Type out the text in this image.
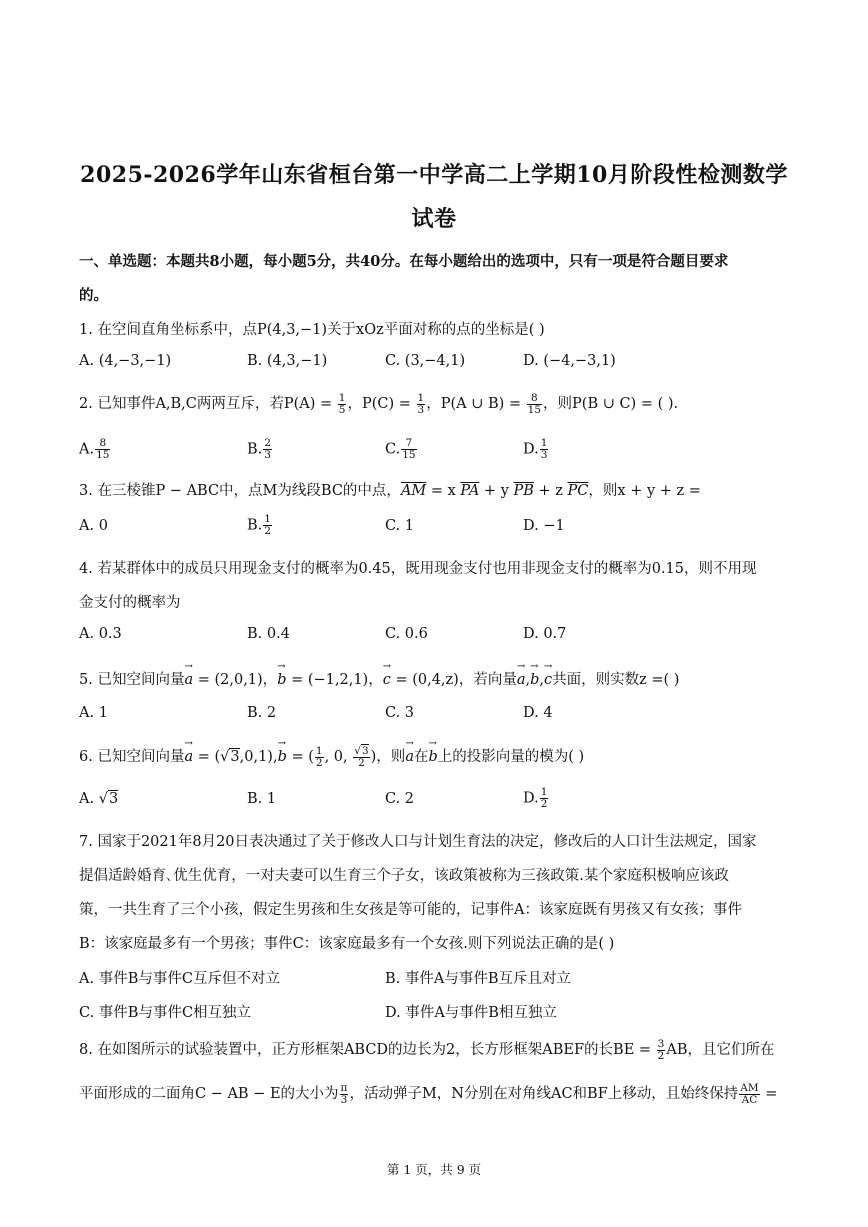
2025-2026学年山东省桓台第一中学高二上学期10月阶段性检测数学
试卷
一、单选题：本题共8小题，每小题5分，共40分。在每小题给出的选项中，只有一项是符合题目要求
的。
1. 在空间直角坐标系中，点P(4,3,−1)关于xOz平面对称的点的坐标是( )
A. (4,−3,−1)	B. (4,3,−1)	C. (3,−4,1)	D. (−4,−3,1)
2. 已知事件A,B,C两两互斥，若$P(A) = \frac{1}{5}$ ，$P(C) = \frac{1}{3}$ ，P(A ∪ $B) = \frac{8}{15}$ ，则P(B ∪ C) = ( ).
A. $\frac{8}{15}$	B. $\frac{2}{3}$	C. $\frac{7}{15}$	D. $\frac{1}{3}$
3. 在三棱锥P − ABC中，点M为线段BC的中点，$\overline{AM} = x$ $\overline{PA} + y$ $\overline{PB} + z$ $\overline{PC}$，则x + y + z =
A. 0	B. $\frac{1}{2}$	C. 1	D. −1
4. 若某群体中的成员只用现金支付的概率为0.45，既用现金支付也用非现金支付的概率为0.15，则不用现
金支付的概率为
A. 0.3	B. 0.4	C. 0.6	D. 0.7
5. 已知空间向量→ a = (2,0,1)，→ b = (−1,2,1)，→ c = (0,4,z)，若向量→ a,→ b,→ c共面，则实数z =( )
A. 1	B. 2	C. 3	D. 4
6. 已知空间向量→ a = (√3,0,1),→ b = ( $\frac{1}{2}$ , 0, $\frac{√3}{2}$ )，则→ a在→ b上的投影向量的模为( )
A. √3	B. 1	C. 2	D. $\frac{1}{2}$
7. 国家于2021年8月20日表决通过了关于修改人口与计划生育法的决定，修改后的人口计生法规定，国家
提倡适龄婚育､优生优育，一对夫妻可以生育三个子女，该政策被称为三孩政策.某个家庭积极响应该政
策，一共生育了三个小孩，假定生男孩和生女孩是等可能的，记事件A：该家庭既有男孩又有女孩；事件
B：该家庭最多有一个男孩；事件C：该家庭最多有一个女孩.则下列说法正确的是( )
A. 事件B与事件C互斥但不对立	B. 事件A与事件B互斥且对立
C. 事件B与事件C相互独立	D. 事件A与事件B相互独立
8. 在如图所示的试验装置中，正方形框架ABCD的边长为2，长方形框架ABEF的长BE = $\frac{3}{2}$ AB，且它们所在
平面形成的二面角C − AB − E的大小为 $\frac{\pi}{3}$ ，活动弹子M，N分别在对角线AC和BF上移动，且始终保持 $\frac{AM}{AC}$ =
第 1 页，共 9 页
